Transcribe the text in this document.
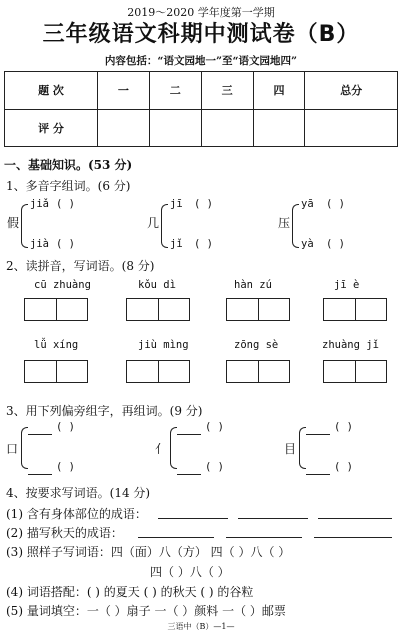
2019～2020 学年度第一学期
三年级语文科期中测试卷（B）
内容包括：“语文园地一”至“语文园地四”
题 次	一	二	三	四	总分
评 分					
一、基础知识。(53 分)
1、多音字组词。(6 分)
假
jiǎ ( )
jià ( )
几
jī ( )
jǐ ( )
压
yā ( )
yà ( )
2、读拼音，写词语。(8 分)
cū zhuàng	kǒu dì	hàn zú	jī è
lǚ xíng	jiù mìng	zōng sè	zhuàng jǐ
3、用下列偏旁组字，再组词。(9 分)
口
( )
( )
亻
( )
( )
目
( )
( )
4、按要求写词语。(14 分)
(1) 含有身体部位的成语：
(2) 描写秋天的成语：
(3) 照样子写词语：四（面）八（方） 四（ ）八（ ）
四（ ）八（ ）
(4) 词语搭配：( ) 的夏天 ( ) 的秋天 ( ) 的谷粒
(5) 量词填空：一（ ）扇子 一（ ）颜料 一（ ）邮票
三语中（B）—1—
